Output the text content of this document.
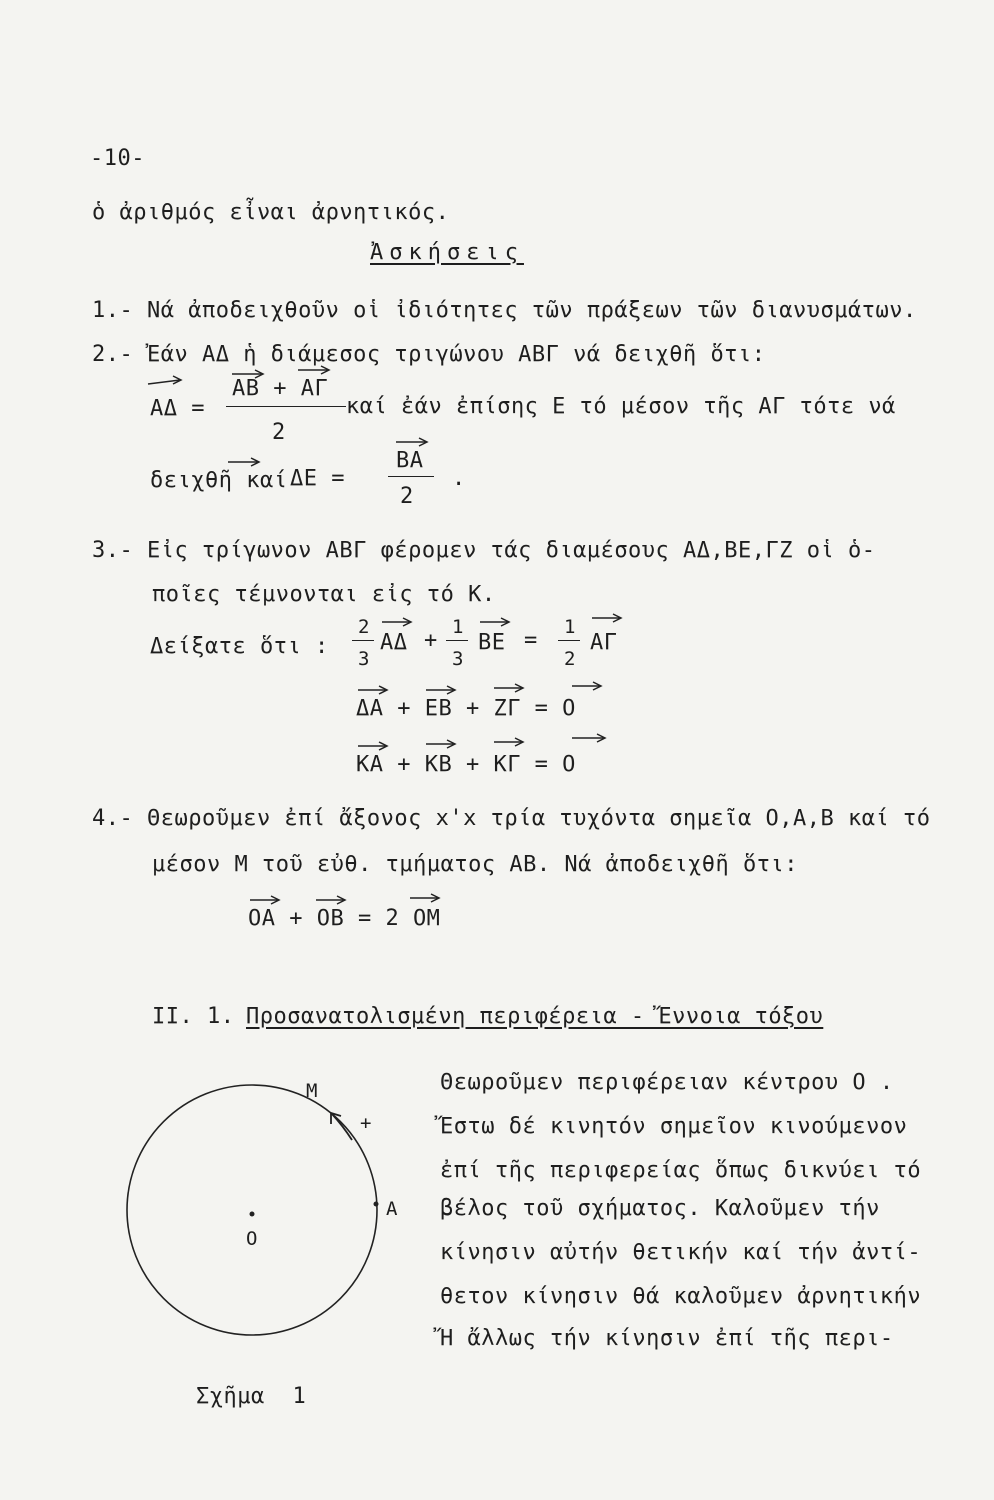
-10-
ὁ ἀριθμός εἶναι ἀρνητικός.
Ἀσκήσεις
1.- Νά ἀποδειχθοῦν οἱ ἰδιότητες τῶν πράξεων τῶν διανυσμάτων.
2.- Ἐάν ΑΔ ἡ διάμεσος τριγώνου ΑΒΓ νά δειχθῆ ὅτι:
ΑΔ =
ΑΒ + ΑΓ
2
καί ἐάν ἐπίσης Ε τό μέσον τῆς ΑΓ τότε νά
δειχθῆ καί ΔΕ =
ΒΑ
2
.
3.- Εἰς τρίγωνον ΑΒΓ φέρομεν τάς διαμέσους ΑΔ,ΒΕ,ΓΖ οἱ ὁ-
ποῖες τέμνονται εἰς τό Κ.
Δείξατε ὅτι :
2
3
ΑΔ +
1
3
ΒΕ =
1
2
ΑΓ
ΔΑ + ΕΒ + ΖΓ = Ο
ΚΑ + ΚΒ + ΚΓ = Ο
4.- Θεωροῦμεν ἐπί ἄξονος x'x τρία τυχόντα σημεῖα Ο,Α,Β καί τό
μέσον Μ τοῦ εὐθ. τμήματος ΑΒ. Νά ἀποδειχθῆ ὅτι:
ΟΑ + ΟΒ = 2 ΟΜ
ΙΙ. 1. Προσανατολισμένη περιφέρεια - Ἔννοια τόξου
Θεωροῦμεν περιφέρειαν κέντρου Ο .
Ἔστω δέ κινητόν σημεῖον κινούμενον
ἐπί τῆς περιφερείας ὅπως δικνύει τό
βέλος τοῦ σχήματος. Καλοῦμεν τήν
κίνησιν αὐτήν θετικήν καί τήν ἀντί-
θετον κίνησιν θά καλοῦμεν ἀρνητικήν
Ἤ ἄλλως τήν κίνησιν ἐπί τῆς περι-
Μ
+
Α
Ο
Σχῆμα 1
